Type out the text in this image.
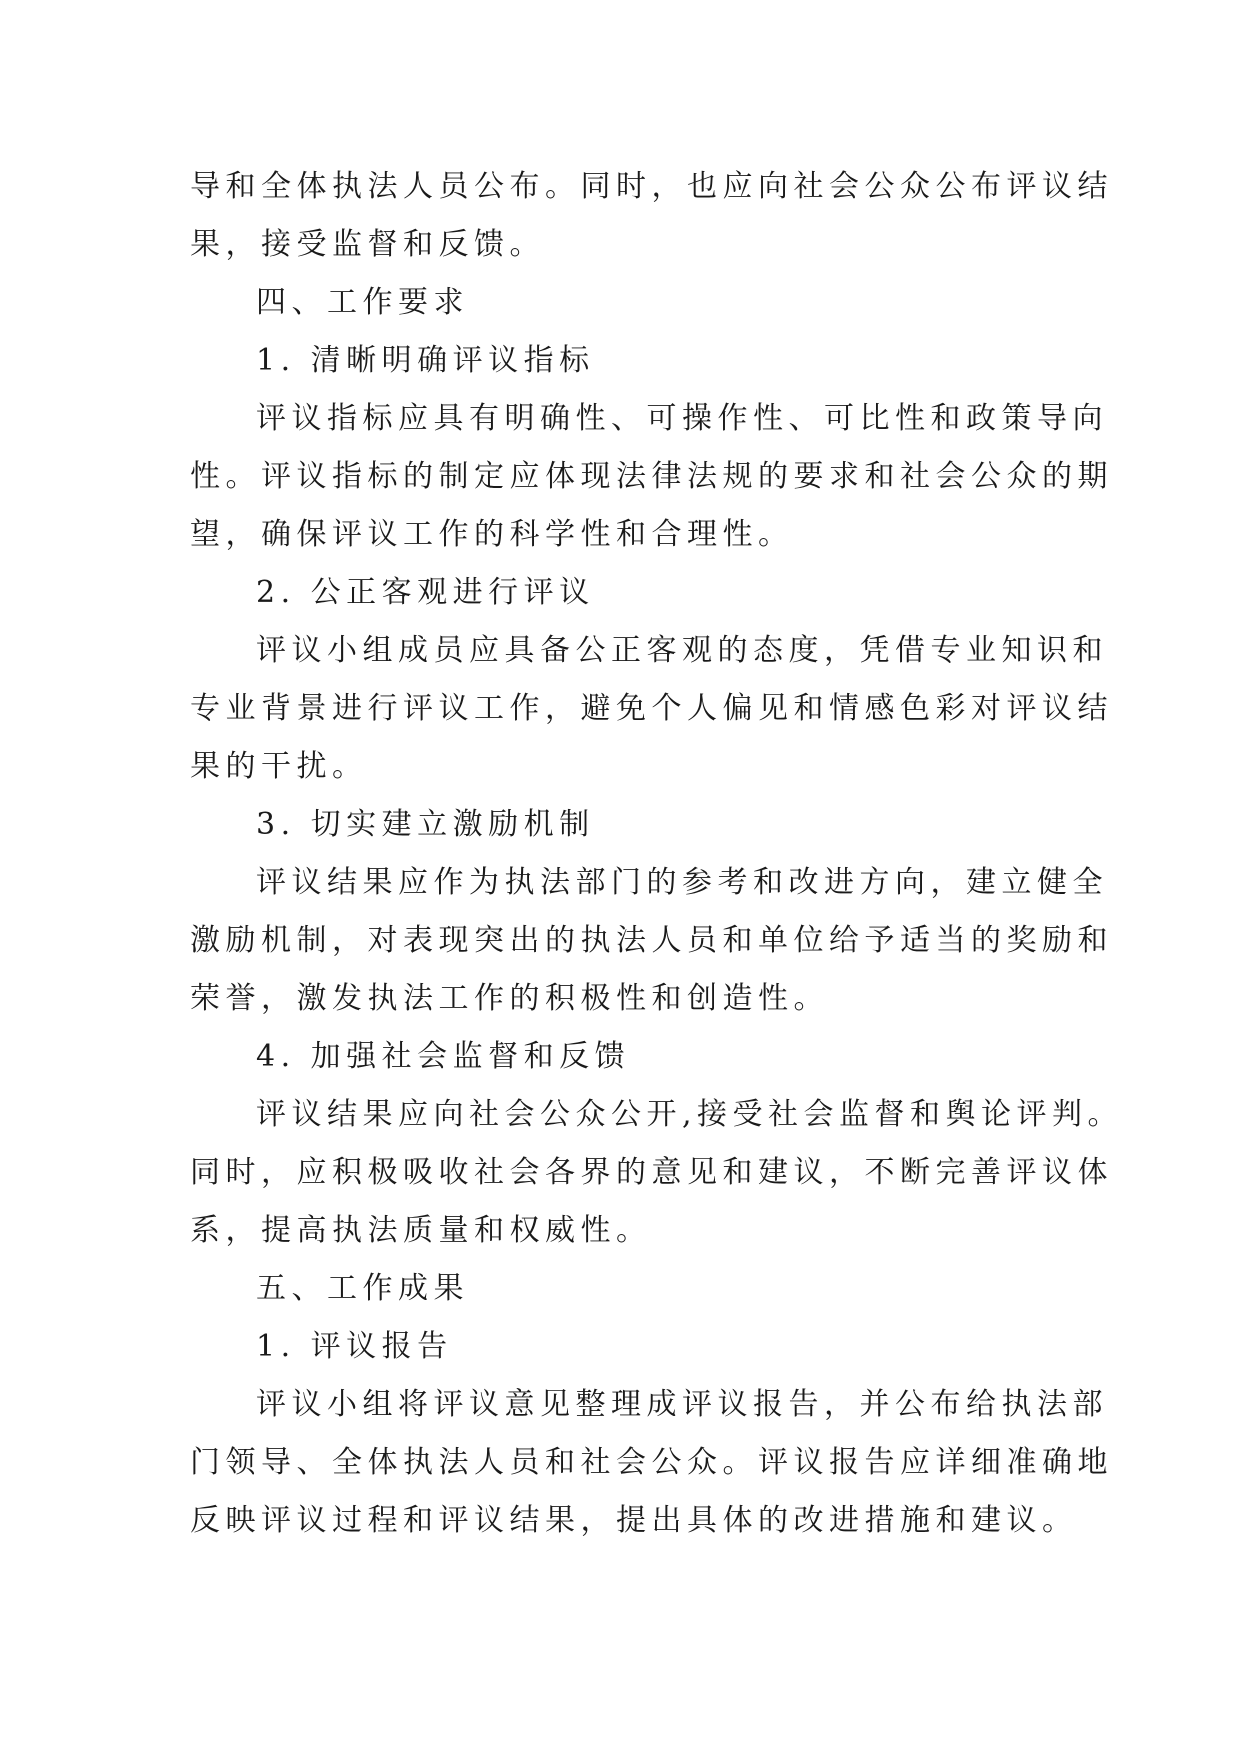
导和全体执法人员公布。同时，也应向社会公众公布评议结
果，接受监督和反馈。
四、工作要求
1. 清晰明确评议指标
评议指标应具有明确性、可操作性、可比性和政策导向
性。评议指标的制定应体现法律法规的要求和社会公众的期
望，确保评议工作的科学性和合理性。
2. 公正客观进行评议
评议小组成员应具备公正客观的态度，凭借专业知识和
专业背景进行评议工作，避免个人偏见和情感色彩对评议结
果的干扰。
3. 切实建立激励机制
评议结果应作为执法部门的参考和改进方向，建立健全
激励机制，对表现突出的执法人员和单位给予适当的奖励和
荣誉，激发执法工作的积极性和创造性。
4. 加强社会监督和反馈
评议结果应向社会公众公开,接受社会监督和舆论评判。
同时，应积极吸收社会各界的意见和建议，不断完善评议体
系，提高执法质量和权威性。
五、工作成果
1. 评议报告
评议小组将评议意见整理成评议报告，并公布给执法部
门领导、全体执法人员和社会公众。评议报告应详细准确地
反映评议过程和评议结果，提出具体的改进措施和建议。
